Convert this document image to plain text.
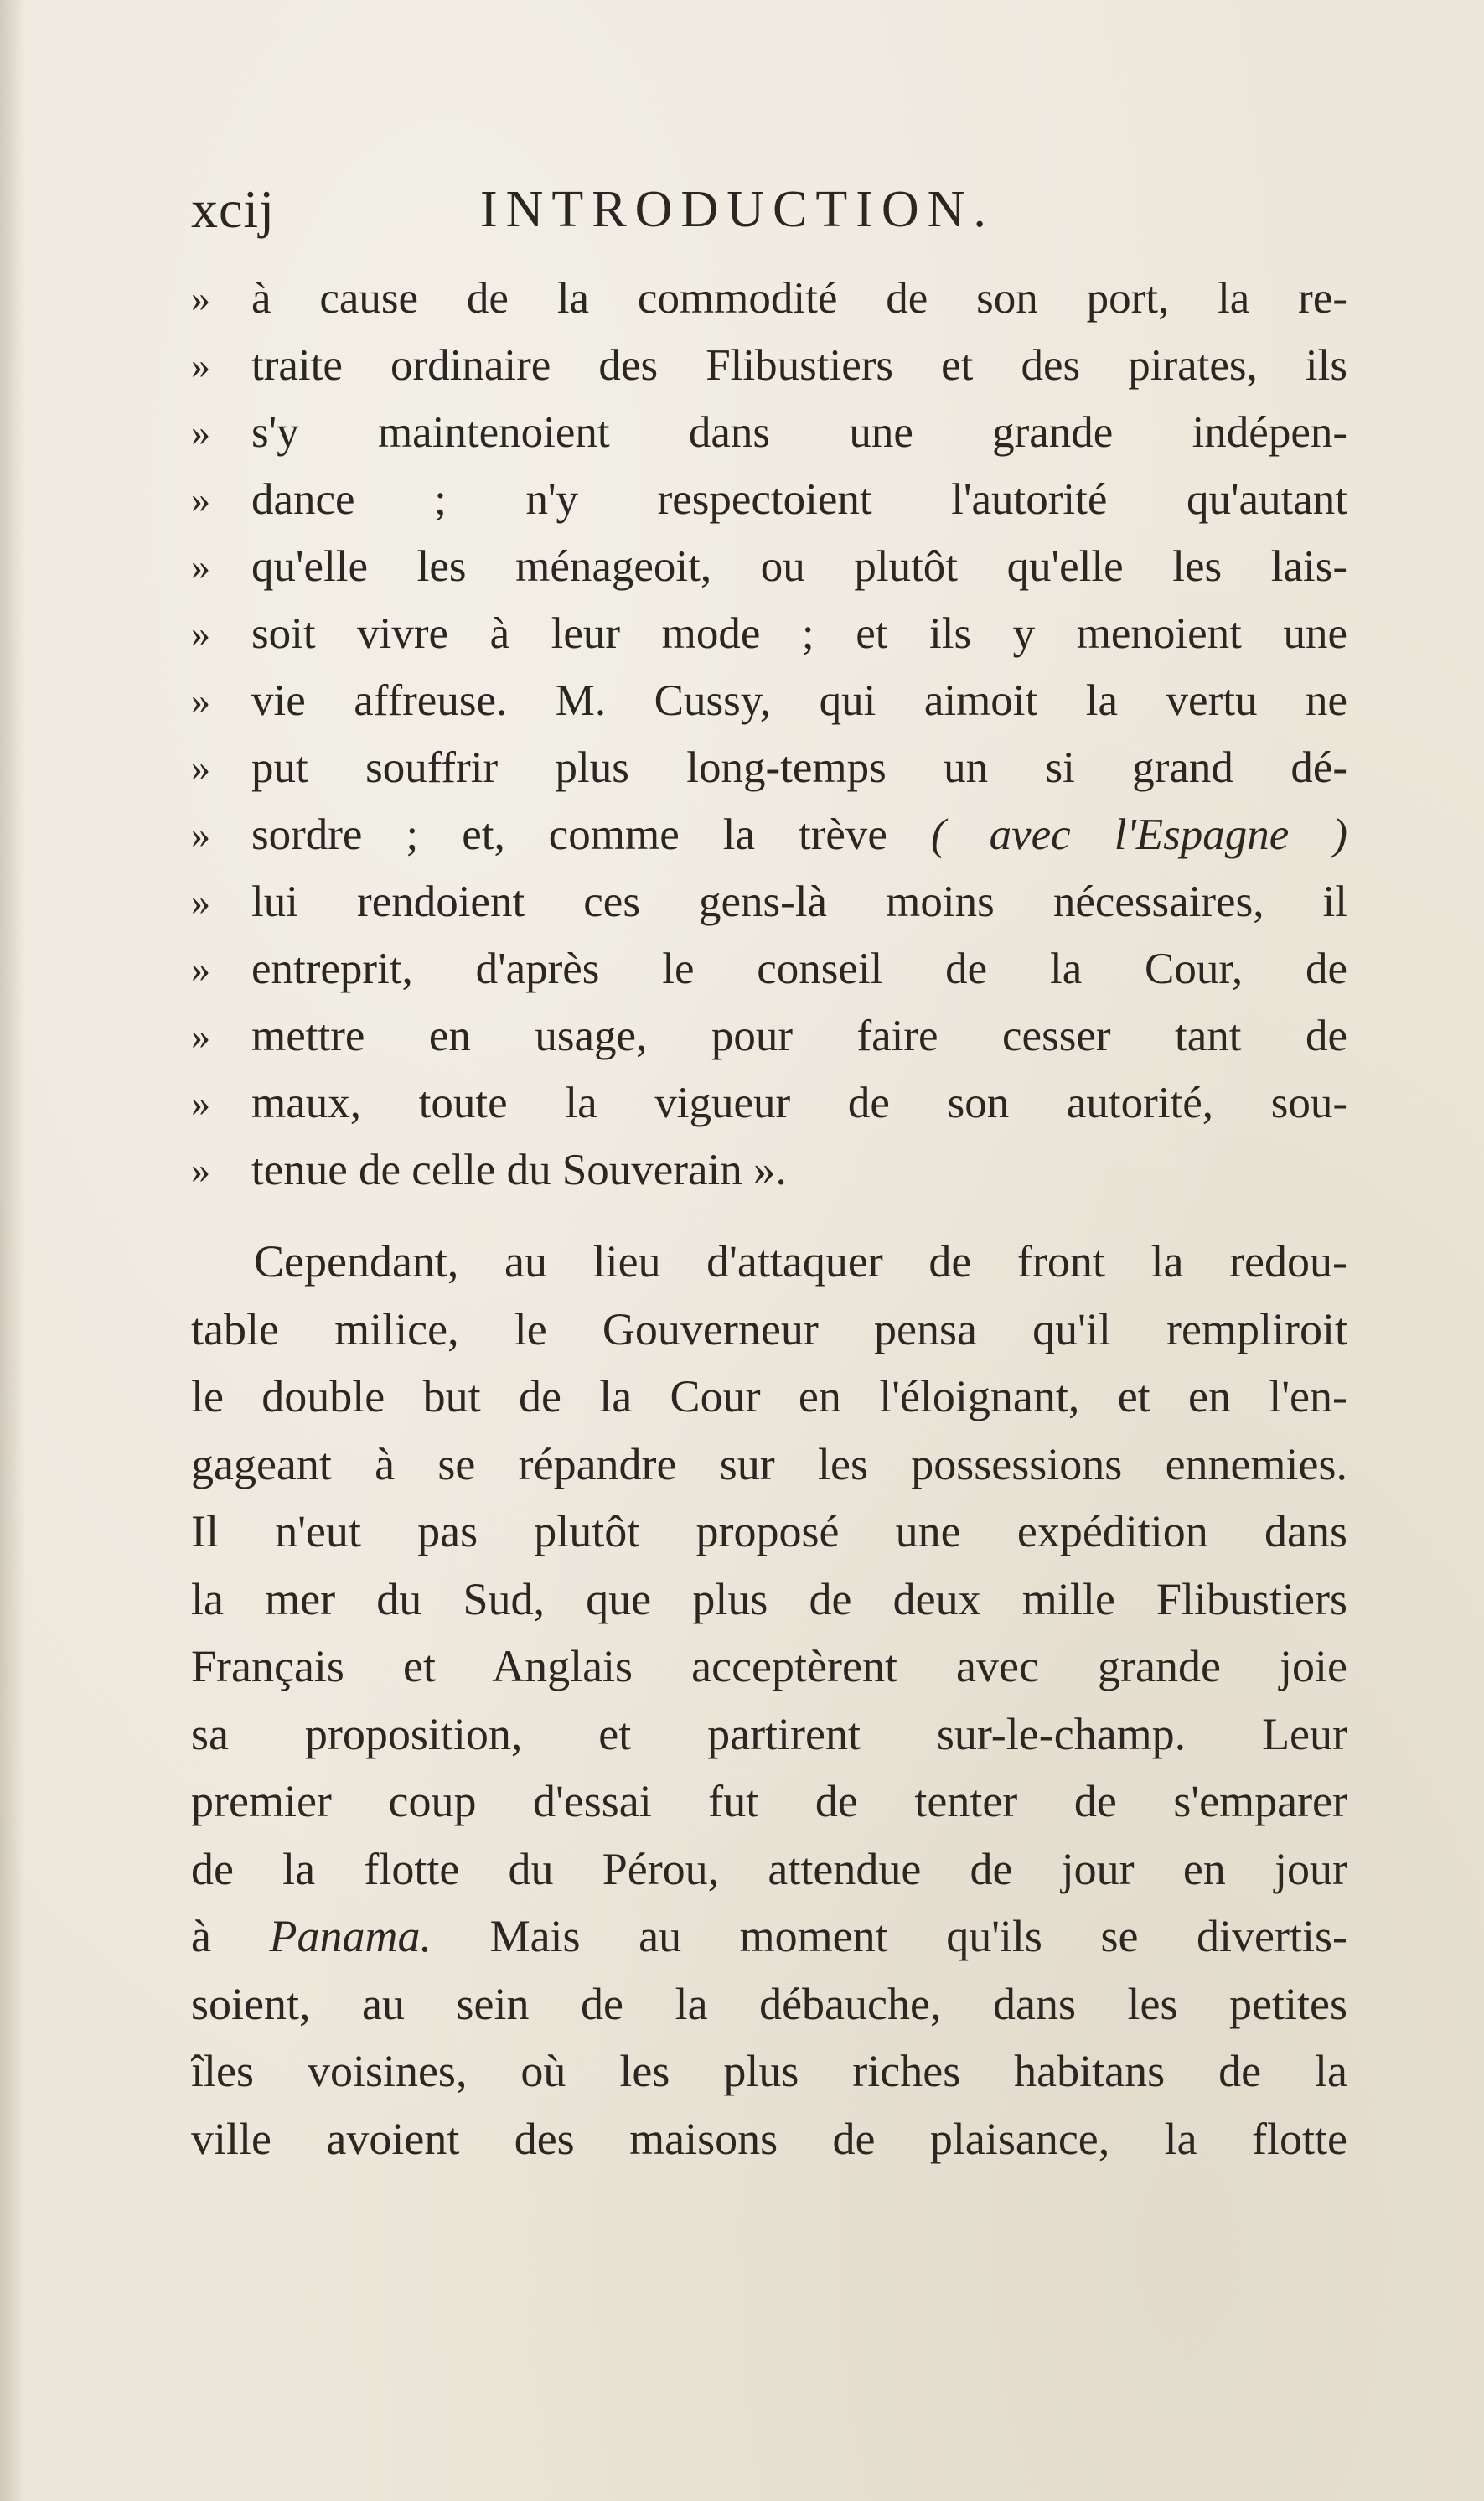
xcij	INTRODUCTION.
» à cause de la commodité de son port, la re-
» traite ordinaire des Flibustiers et des pirates, ils
» s'y maintenoient dans une grande indépen-
» dance ; n'y respectoient l'autorité qu'autant
» qu'elle les ménageoit, ou plutôt qu'elle les lais-
» soit vivre à leur mode ; et ils y menoient une
» vie affreuse. M. Cussy, qui aimoit la vertu ne
» put souffrir plus long-temps un si grand dé-
» sordre ; et, comme la trève ( avec l'Espagne )
» lui rendoient ces gens-là moins nécessaires, il
» entreprit, d'après le conseil de la Cour, de
» mettre en usage, pour faire cesser tant de
» maux, toute la vigueur de son autorité, sou-
» tenue de celle du Souverain ».
Cependant, au lieu d'attaquer de front la redou-
table milice, le Gouverneur pensa qu'il rempliroit
le double but de la Cour en l'éloignant, et en l'en-
gageant à se répandre sur les possessions ennemies.
Il n'eut pas plutôt proposé une expédition dans
la mer du Sud, que plus de deux mille Flibustiers
Français et Anglais acceptèrent avec grande joie
sa proposition, et partirent sur-le-champ. Leur
premier coup d'essai fut de tenter de s'emparer
de la flotte du Pérou, attendue de jour en jour
à Panama. Mais au moment qu'ils se divertis-
soient, au sein de la débauche, dans les petites
îles voisines, où les plus riches habitans de la
ville avoient des maisons de plaisance, la flotte
